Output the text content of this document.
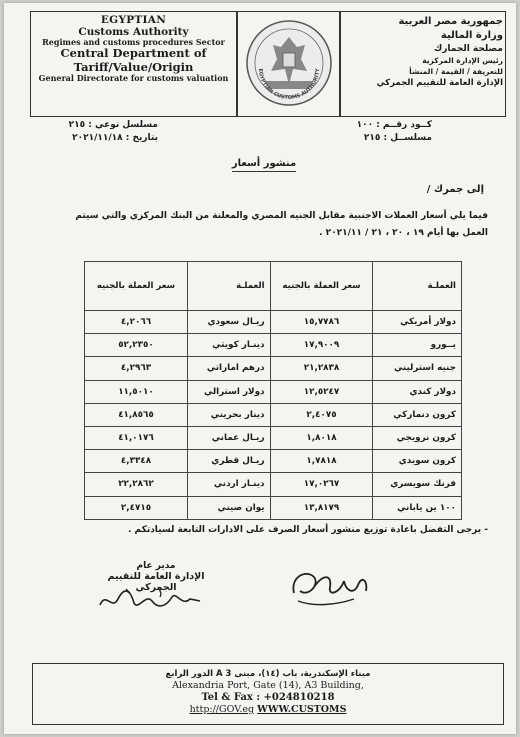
EGYPTIAN
Customs Authority
Regimes and customs procedures Sector
Central Department of
Tariff/Value/Origin
General Directorate for customs valuation
EGYPTIAN CUSTOMS AUTHORITY
جمهورية مصر العربية
وزارة المالية
مصلحة الجمارك
رئيس الإدارة المركزية
للتعريفة / القيمة / المنشأ
الإدارة العامة للتقييم الجمركي
كــود رقــم : ١٠٠
مسلســل : ٢١٥
مسلسل نوعي : ٢١٥
بتاريخ : ٢٠٢١/١١/١٨
منشور أسعار
إلى جمرك /
فيما يلي أسعار العملات الاجنبية مقابل الجنيه المصري والمعلنة من البنك المركزي والتي سيتم
العمل بها أيام ١٩ ، ٢٠ ، ٢١ / ٢٠٢١/١١ .
العملـة	سعر العملة بالجنيه	العملـة	سعر العملة بالجنيه
دولار أمريكي	١٥,٧٧٨٦	ريـال سعودي	٤,٢٠٦٦
يــورو	١٧,٩٠٠٩	دينـار كويتي	٥٢,٢٣٥٠
جنيه استرليني	٢١,٢٨٣٨	درهم اماراتي	٤,٢٩٦٣
دولار كندي	١٢,٥٢٤٧	دولار استرالي	١١,٥٠١٠
كرون دنماركي	٢,٤٠٧٥	دينار بحريني	٤١,٨٥٦٥
كرون نرويجي	١,٨٠١٨	ريـال عماني	٤١,٠١٧٦
كرون سويدي	١,٧٨١٨	ريـال قطري	٤,٣٣٤٨
فرنك سويسري	١٧,٠٢٦٧	دينـار اردني	٢٢,٢٨٦٢
١٠٠ ين ياباني	١٣,٨١٧٩	يوان صيني	٢,٤٧١٥
- يرجى التفضل باعادة توزيع منشور أسعار الصرف على الادارات التابعة لسيادتكم .
مدير عام
الإدارة العامة للتقييم الجمركي
ميناء الإسكندرية، باب (١٤)، مبنى A 3 الدور الرابع
Alexandria Port, Gate (14), A3 Building,
Tel & Fax : +024810218
http://GOV.eg WWW.CUSTOMS
